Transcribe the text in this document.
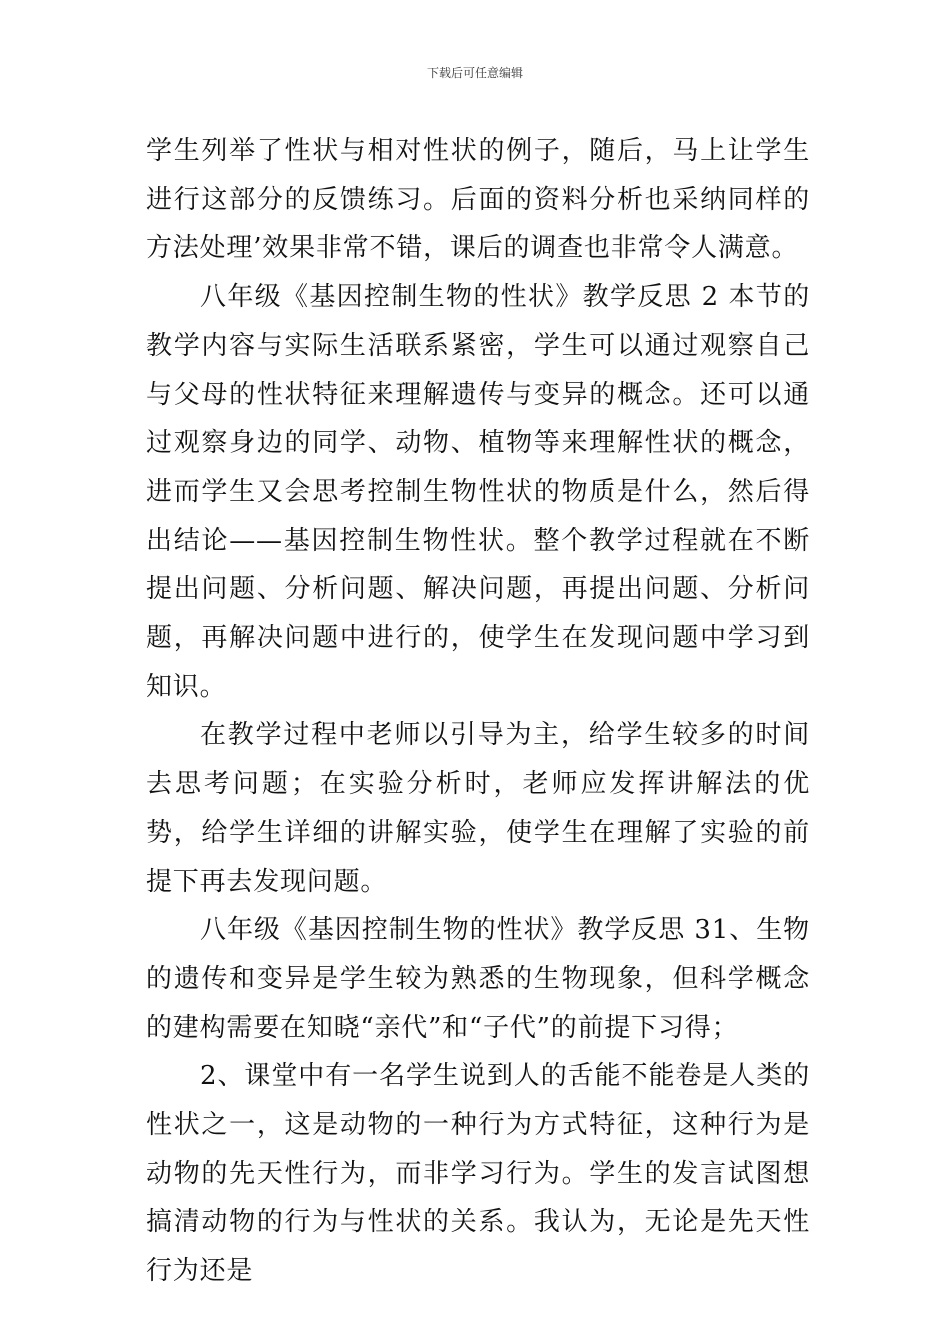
下载后可任意编辑

学生列举了性状与相对性状的例子，随后，马上让学生进行这部分的反馈练习。后面的资料分析也采纳同样的方法处理’效果非常不错，课后的调查也非常令人满意。

八年级《基因控制生物的性状》教学反思 2 本节的教学内容与实际生活联系紧密，学生可以通过观察自己与父母的性状特征来理解遗传与变异的概念。还可以通过观察身边的同学、动物、植物等来理解性状的概念，进而学生又会思考控制生物性状的物质是什么，然后得出结论——基因控制生物性状。整个教学过程就在不断提出问题、分析问题、解决问题，再提出问题、分析问题，再解决问题中进行的，使学生在发现问题中学习到知识。

在教学过程中老师以引导为主，给学生较多的时间去思考问题；在实验分析时，老师应发挥讲解法的优势，给学生详细的讲解实验，使学生在理解了实验的前提下再去发现问题。

八年级《基因控制生物的性状》教学反思 31、生物的遗传和变异是学生较为熟悉的生物现象，但科学概念的建构需要在知晓“亲代”和“子代”的前提下习得；

2、课堂中有一名学生说到人的舌能不能卷是人类的性状之一，这是动物的一种行为方式特征，这种行为是动物的先天性行为，而非学习行为。学生的发言试图想搞清动物的行为与性状的关系。我认为，无论是先天性行为还是
